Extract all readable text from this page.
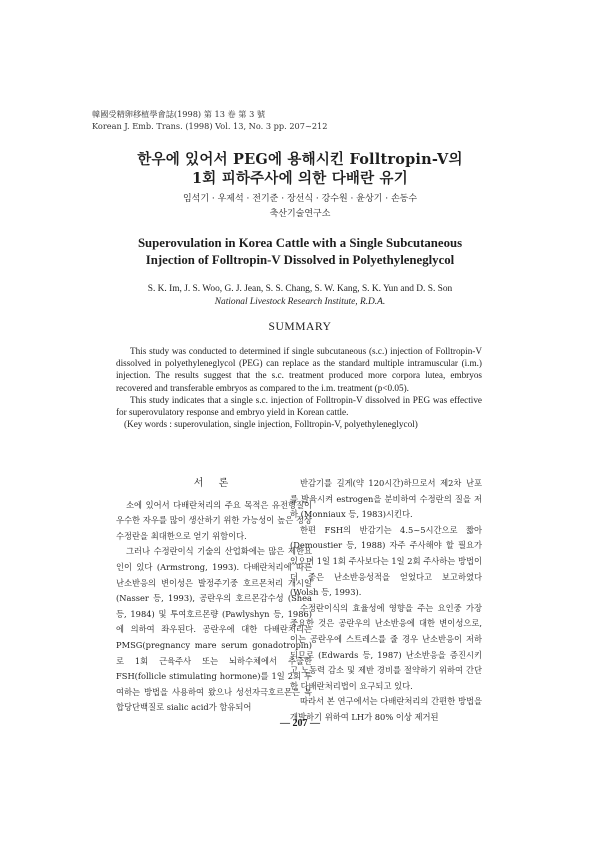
韓國受精卵移植學會誌(1998) 第 13 卷 第 3 號
Korean J. Emb. Trans. (1998) Vol. 13, No. 3 pp. 207~212
한우에 있어서 PEG에 용해시킨 Folltropin-V의
1회 피하주사에 의한 다배란 유기
임석기 · 우제석 · 전기준 · 장선식 · 강수원 · 윤상기 · 손동수
축산기술연구소
Superovulation in Korea Cattle with a Single Subcutaneous
Injection of Folltropin-V Dissolved in Polyethyleneglycol
S. K. Im, J. S. Woo, G. J. Jean, S. S. Chang, S. W. Kang, S. K. Yun and D. S. Son
National Livestock Research Institute, R.D.A.
SUMMARY

This study was conducted to determined if single subcutaneous (s.c.) injection of Folltropin-V dissolved in polyethyleneglycol (PEG) can replace as the standard multiple intramuscular (i.m.) injection. The results suggest that the s.c. treatment produced more corpora lutea, embryos recovered and transferable embryos as compared to the i.m. treatment (p<0.05).

This study indicates that a single s.c. injection of Folltropin-V dissolved in PEG was effective for superovulatory response and embryo yield in Korean cattle.

(Key words : superovulation, single injection, Folltropin-V, polyethyleneglycol)

서 론

소에 있어서 다배란처리의 주요 목적은 유전형질이 우수한 자우를 많이 생산하기 위한 가능성이 높은 정상수정란을 최대한으로 얻기 위함이다.

그러나 수정란이식 기술의 산업화에는 많은 제한요인이 있다 (Armstrong, 1993). 다배란처리에 따른 난소반응의 변이성은 발정주기중 호르몬처리 개시일 (Nasser 등, 1993), 공란우의 호르몬감수성 (Shea 등, 1984) 및 투여호르몬량 (Pawlyshyn 등, 1986)에 의하여 좌우된다. 공란우에 대한 다배란처리는 PMSG(pregnancy mare serum gonadotropin)로 1회 근육주사 또는 뇌하수체에서 추출한 FSH(follicle stimulating hormone)를 1일 2회 투여하는 방법을 사용하여 왔으나 성선자극호르몬은 복합당단백질로 sialic acid가 함유되어

반감기를 길게(약 120시간)하므로서 제2차 난포를 발육시켜 estrogen을 분비하여 수정란의 질을 저하 (Monniaux 등, 1983)시킨다.

한편 FSH의 반감기는 4.5~5시간으로 짧아 (Demoustier 등, 1988) 자주 주사해야 할 필요가 있으며 1일 1회 주사보다는 1일 2회 주사하는 방법이 더 좋은 난소반응성적을 얻었다고 보고하였다 (Wolsh 등, 1993).

수정란이식의 효율성에 영향을 주는 요인중 가장 중요한 것은 공란우의 난소반응에 대한 변이성으로, 이는 공란우에 스트레스를 줄 경우 난소반응이 저하되므로 (Edwards 등, 1987) 난소반응을 증진시키고 노동력 감소 및 제반 경비를 절약하기 위하여 간단한 다배란처리법이 요구되고 있다.

따라서 본 연구에서는 다배란처리의 간편한 방법을 개발하기 위하여 LH가 80% 이상 제거된

— 207 —
